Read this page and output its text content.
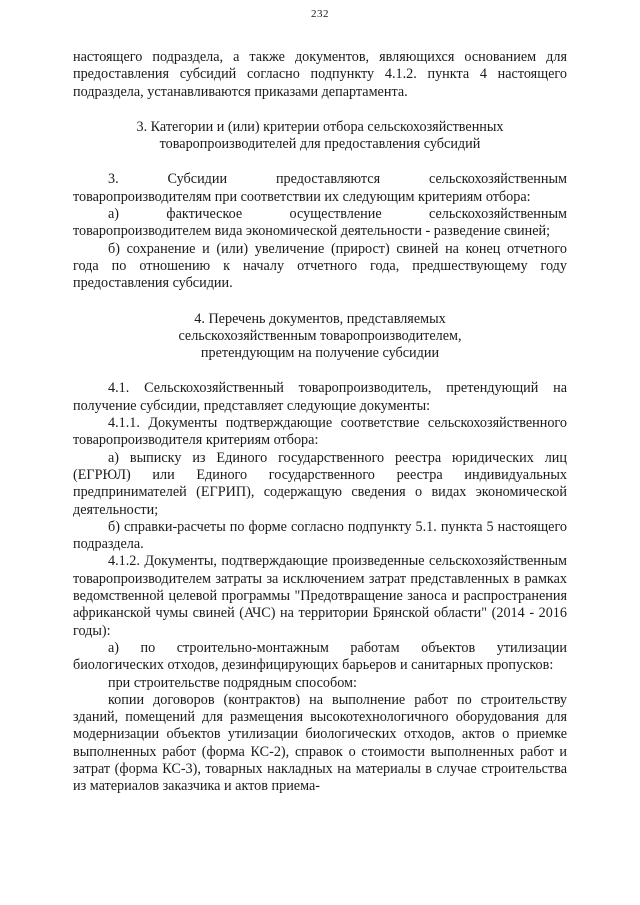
232

настоящего подраздела, а также документов, являющихся основанием для предоставления субсидий согласно подпункту 4.1.2. пункта 4 настоящего подраздела, устанавливаются приказами департамента.

3. Категории и (или) критерии отбора сельскохозяйственных товаропроизводителей для предоставления субсидий

3. Субсидии предоставляются сельскохозяйственным товаропроизводителям при соответствии их следующим критериям отбора:

а) фактическое осуществление сельскохозяйственным товаропроизводителем вида экономической деятельности - разведение свиней;

б) сохранение и (или) увеличение (прирост) свиней на конец отчетного года по отношению к началу отчетного года, предшествующему году предоставления субсидии.

4. Перечень документов, представляемых сельскохозяйственным товаропроизводителем, претендующим на получение субсидии

4.1. Сельскохозяйственный товаропроизводитель, претендующий на получение субсидии, представляет следующие документы:

4.1.1. Документы подтверждающие соответствие сельскохозяйственного товаропроизводителя критериям отбора:

а) выписку из Единого государственного реестра юридических лиц (ЕГРЮЛ) или Единого государственного реестра индивидуальных предпринимателей (ЕГРИП), содержащую сведения о видах экономической деятельности;

б) справки-расчеты по форме согласно подпункту 5.1. пункта 5 настоящего подраздела.

4.1.2. Документы, подтверждающие произведенные сельскохозяйственным товаропроизводителем затраты за исключением затрат представленных в рамках ведомственной целевой программы "Предотвращение заноса и распространения африканской чумы свиней (АЧС) на территории Брянской области" (2014 - 2016 годы):

а) по строительно-монтажным работам объектов утилизации биологических отходов, дезинфицирующих барьеров и санитарных пропусков:

при строительстве подрядным способом:

копии договоров (контрактов) на выполнение работ по строительству зданий, помещений для размещения высокотехнологичного оборудования для модернизации объектов утилизации биологических отходов, актов о приемке выполненных работ (форма КС-2), справок о стоимости выполненных работ и затрат (форма КС-3), товарных накладных на материалы в случае строительства из материалов заказчика и актов приема-
